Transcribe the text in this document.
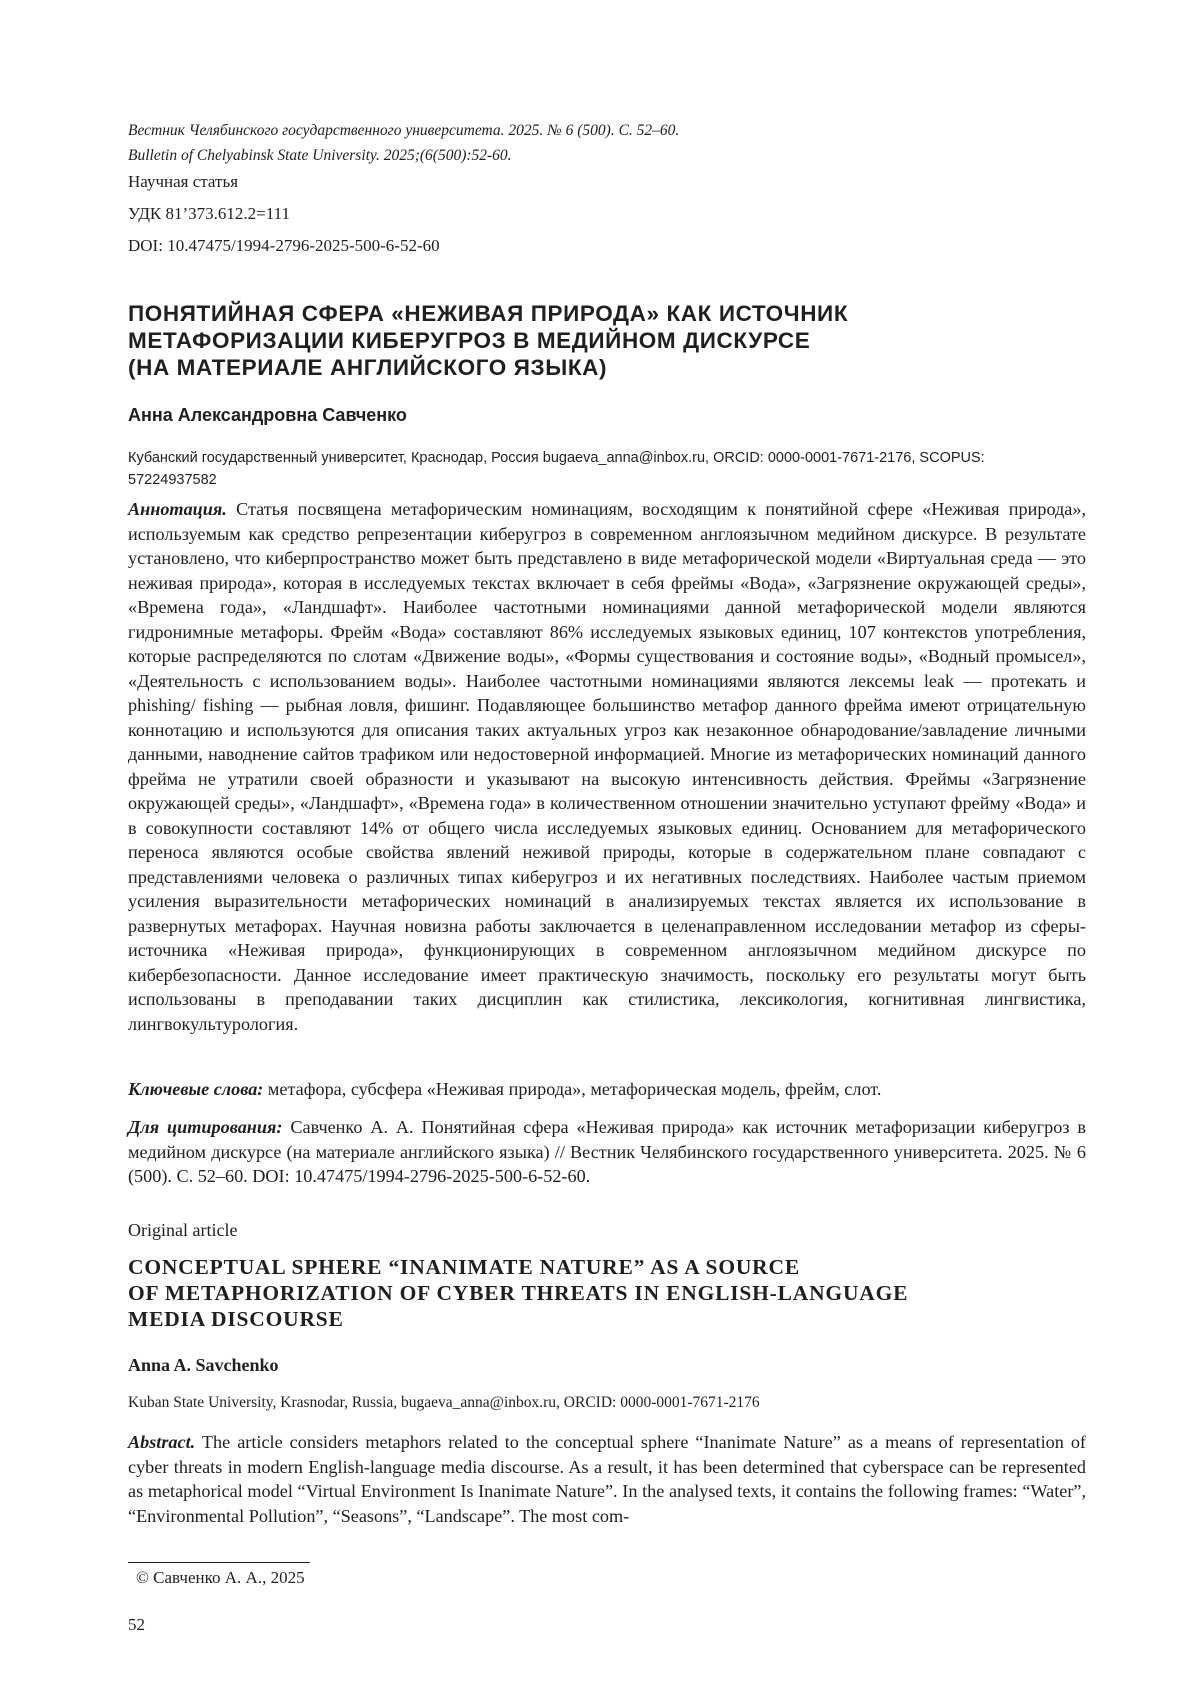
Вестник Челябинского государственного университета. 2025. № 6 (500). С. 52–60.
Bulletin of Chelyabinsk State University. 2025;(6(500):52-60.
Научная статья
УДК 81’373.612.2=111
DOI: 10.47475/1994-2796-2025-500-6-52-60
ПОНЯТИЙНАЯ СФЕРА «НЕЖИВАЯ ПРИРОДА» КАК ИСТОЧНИК
МЕТАФОРИЗАЦИИ КИБЕРУГРОЗ В МЕДИЙНОМ ДИСКУРСЕ
(НА МАТЕРИАЛЕ АНГЛИЙСКОГО ЯЗЫКА)
Анна Александровна Савченко
Кубанский государственный университет, Краснодар, Россия bugaeva_anna@inbox.ru, ORCID: 0000-0001-7671-2176, SCOPUS: 57224937582
Аннотация. Статья посвящена метафорическим номинациям, восходящим к понятийной сфере «Неживая природа», используемым как средство репрезентации киберугроз в современном англоязычном медийном дискурсе. В результате установлено, что киберпространство может быть представлено в виде метафорической модели «Виртуальная среда — это неживая природа», которая в исследуемых текстах включает в себя фреймы «Вода», «Загрязнение окружающей среды», «Времена года», «Ландшафт». Наиболее частотными номинациями данной метафорической модели являются гидронимные метафоры. Фрейм «Вода» составляют 86% исследуемых языковых единиц, 107 контекстов употребления, которые распределяются по слотам «Движение воды», «Формы существования и состояние воды», «Водный промысел», «Деятельность с использованием воды». Наиболее частотными номинациями являются лексемы leak — протекать и phishing/ fishing — рыбная ловля, фишинг. Подавляющее большинство метафор данного фрейма имеют отрицательную коннотацию и используются для описания таких актуальных угроз как незаконное обнародование/завладение личными данными, наводнение сайтов трафиком или недостоверной информацией. Многие из метафорических номинаций данного фрейма не утратили своей образности и указывают на высокую интенсивность действия. Фреймы «Загрязнение окружающей среды», «Ландшафт», «Времена года» в количественном отношении значительно уступают фрейму «Вода» и в совокупности составляют 14% от общего числа исследуемых языковых единиц. Основанием для метафорического переноса являются особые свойства явлений неживой природы, которые в содержательном плане совпадают с представлениями человека о различных типах киберугроз и их негативных последствиях. Наиболее частым приемом усиления выразительности метафорических номинаций в анализируемых текстах является их использование в развернутых метафорах. Научная новизна работы заключается в целенаправленном исследовании метафор из сферы-источника «Неживая природа», функционирующих в современном англоязычном медийном дискурсе по кибербезопасности. Данное исследование имеет практическую значимость, поскольку его результаты могут быть использованы в преподавании таких дисциплин как стилистика, лексикология, когнитивная лингвистика, лингвокультурология.
Ключевые слова: метафора, субсфера «Неживая природа», метафорическая модель, фрейм, слот.
Для цитирования: Савченко А. А. Понятийная сфера «Неживая природа» как источник метафоризации киберугроз в медийном дискурсе (на материале английского языка) // Вестник Челябинского государственного университета. 2025. № 6 (500). С. 52–60. DOI: 10.47475/1994-2796-2025-500-6-52-60.
Original article
CONCEPTUAL SPHERE “INANIMATE NATURE” AS A SOURCE
OF METAPHORIZATION OF CYBER THREATS IN ENGLISH-LANGUAGE
MEDIA DISCOURSE
Anna A. Savchenko
Kuban State University, Krasnodar, Russia, bugaeva_anna@inbox.ru, ORCID: 0000-0001-7671-2176
Abstract. The article considers metaphors related to the conceptual sphere “Inanimate Nature” as a means of representation of cyber threats in modern English-language media discourse. As a result, it has been determined that cyberspace can be represented as metaphorical model “Virtual Environment Is Inanimate Nature”. In the analysed texts, it contains the following frames: “Water”, “Environmental Pollution”, “Seasons”, “Landscape”. The most com-
© Савченко А. А., 2025
52
